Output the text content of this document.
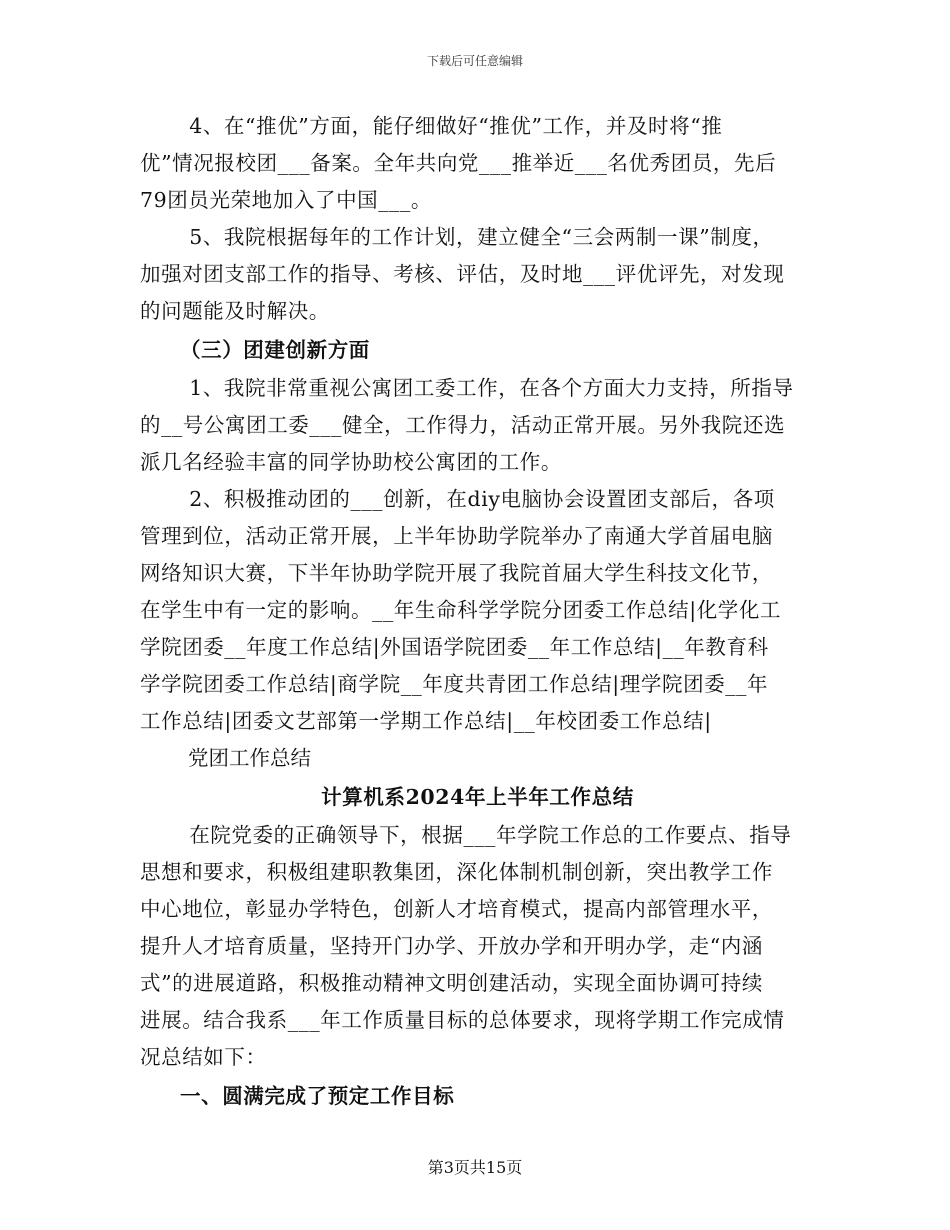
下载后可任意编辑

4、在“推优”方面，能仔细做好“推优”工作，并及时将“推
优”情况报校团___备案。全年共向党___推举近___名优秀团员，先后
79团员光荣地加入了中国___。

5、我院根据每年的工作计划，建立健全“三会两制一课”制度，
加强对团支部工作的指导、考核、评估，及时地___评优评先，对发现
的问题能及时解决。

（三）团建创新方面

1、我院非常重视公寓团工委工作，在各个方面大力支持，所指导
的__号公寓团工委___健全，工作得力，活动正常开展。另外我院还选
派几名经验丰富的同学协助校公寓团的工作。

2、积极推动团的___创新，在diy电脑协会设置团支部后，各项
管理到位，活动正常开展，上半年协助学院举办了南通大学首届电脑
网络知识大赛，下半年协助学院开展了我院首届大学生科技文化节，
在学生中有一定的影响。__年生命科学学院分团委工作总结|化学化工
学院团委__年度工作总结|外国语学院团委__年工作总结|__年教育科
学学院团委工作总结|商学院__年度共青团工作总结|理学院团委__年
工作总结|团委文艺部第一学期工作总结|__年校团委工作总结|

党团工作总结

计算机系2024年上半年工作总结

在院党委的正确领导下，根据___年学院工作总的工作要点、指导
思想和要求，积极组建职教集团，深化体制机制创新，突出教学工作
中心地位，彰显办学特色，创新人才培育模式，提高内部管理水平，
提升人才培育质量，坚持开门办学、开放办学和开明办学，走“内涵
式”的进展道路，积极推动精神文明创建活动，实现全面协调可持续
进展。结合我系___年工作质量目标的总体要求，现将学期工作完成情
况总结如下：

一、圆满完成了预定工作目标

第3页共15页
